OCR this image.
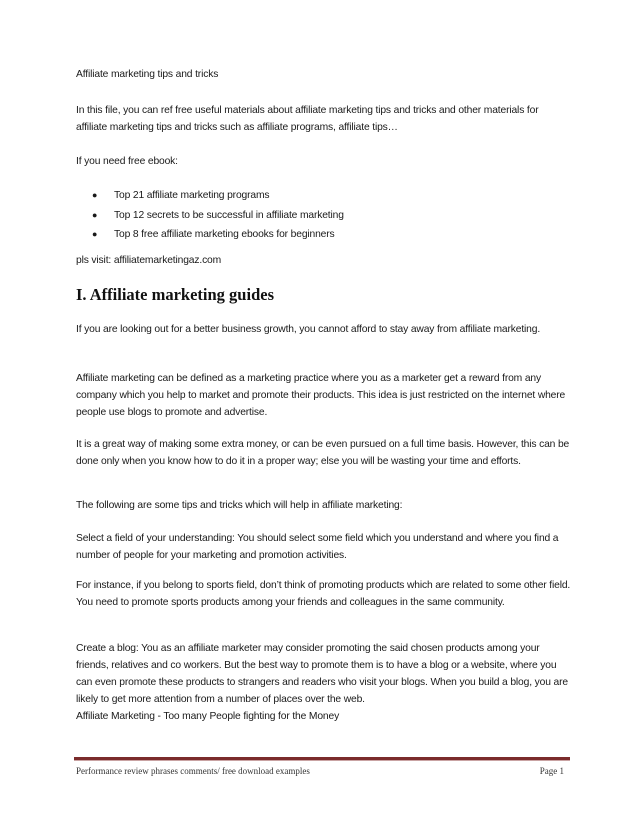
Affiliate marketing tips and tricks

In this file, you can ref free useful materials about affiliate marketing tips and tricks and other materials for affiliate marketing tips and tricks such as affiliate programs, affiliate tips…

If you need free ebook:

● Top 21 affiliate marketing programs
● Top 12 secrets to be successful in affiliate marketing
● Top 8 free affiliate marketing ebooks for beginners

pls visit: affiliatemarketingaz.com

I. Affiliate marketing guides

If you are looking out for a better business growth, you cannot afford to stay away from affiliate marketing.

Affiliate marketing can be defined as a marketing practice where you as a marketer get a reward from any company which you help to market and promote their products. This idea is just restricted on the internet where people use blogs to promote and advertise.

It is a great way of making some extra money, or can be even pursued on a full time basis. However, this can be done only when you know how to do it in a proper way; else you will be wasting your time and efforts.

The following are some tips and tricks which will help in affiliate marketing:

Select a field of your understanding: You should select some field which you understand and where you find a number of people for your marketing and promotion activities.

For instance, if you belong to sports field, don’t think of promoting products which are related to some other field. You need to promote sports products among your friends and colleagues in the same community.

Create a blog: You as an affiliate marketer may consider promoting the said chosen products among your friends, relatives and co workers. But the best way to promote them is to have a blog or a website, where you can even promote these products to strangers and readers who visit your blogs. When you build a blog, you are likely to get more attention from a number of places over the web.

Affiliate Marketing - Too many People fighting for the Money

Performance review phrases comments/ free download examples	Page 1
